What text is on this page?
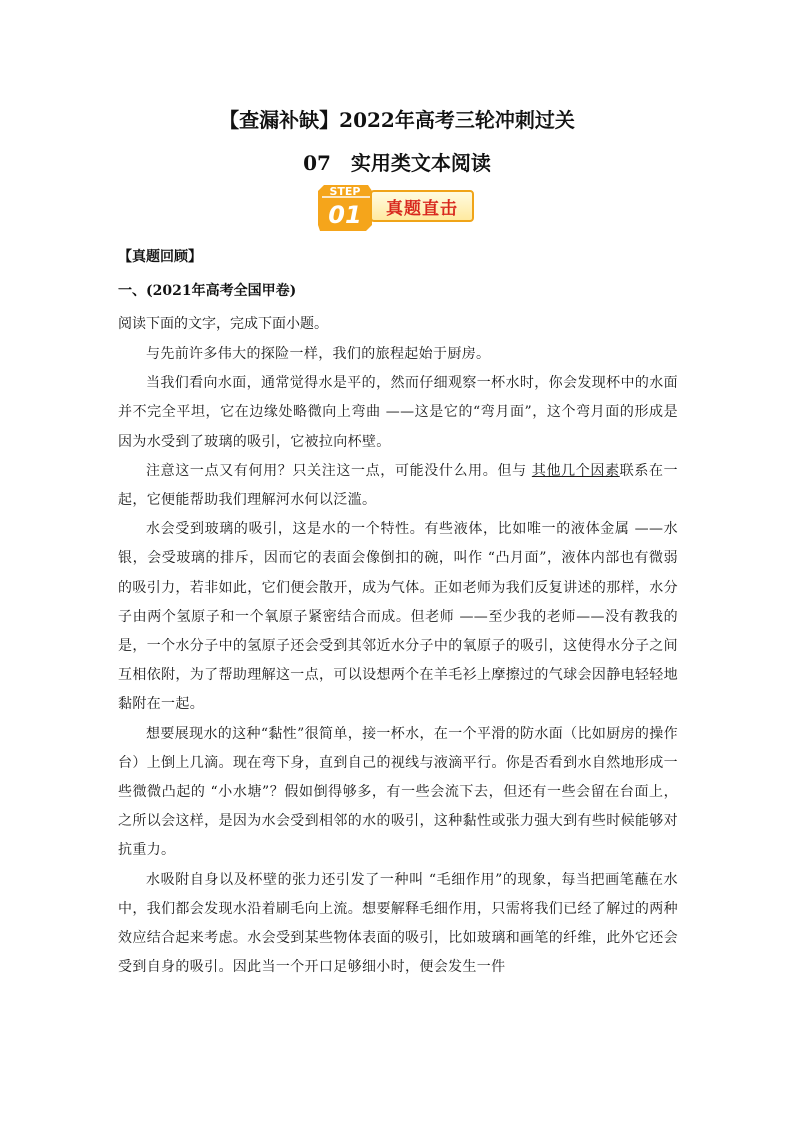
【查漏补缺】2022年高考三轮冲刺过关
07　实用类文本阅读
STEP
01	真题直击
【真题回顾】
一、(2021年高考全国甲卷)
阅读下面的文字，完成下面小题。

与先前许多伟大的探险一样，我们的旅程起始于厨房。

当我们看向水面，通常觉得水是平的，然而仔细观察一杯水时，你会发现杯中的水面并不完全平坦，它在边缘处略微向上弯曲 ——这是它的“弯月面”，这个弯月面的形成是因为水受到了玻璃的吸引，它被拉向杯壁。

注意这一点又有何用？只关注这一点，可能没什么用。但与 其他几个因素联系在一起，它便能帮助我们理解河水何以泛滥。

水会受到玻璃的吸引，这是水的一个特性。有些液体，比如唯一的液体金属 ——水银，会受玻璃的排斥，因而它的表面会像倒扣的碗，叫作 “凸月面”，液体内部也有微弱的吸引力，若非如此，它们便会散开，成为气体。正如老师为我们反复讲述的那样，水分子由两个氢原子和一个氧原子紧密结合而成。但老师 ——至少我的老师——没有教我的是，一个水分子中的氢原子还会受到其邻近水分子中的氧原子的吸引，这使得水分子之间互相依附，为了帮助理解这一点，可以设想两个在羊毛衫上摩擦过的气球会因静电轻轻地黏附在一起。

想要展现水的这种“黏性”很简单，接一杯水，在一个平滑的防水面（比如厨房的操作台）上倒上几滴。现在弯下身，直到自己的视线与液滴平行。你是否看到水自然地形成一些微微凸起的 “小水塘”？假如倒得够多，有一些会流下去，但还有一些会留在台面上，之所以会这样，是因为水会受到相邻的水的吸引，这种黏性或张力强大到有些时候能够对抗重力。

水吸附自身以及杯壁的张力还引发了一种叫 “毛细作用”的现象，每当把画笔蘸在水中，我们都会发现水沿着刷毛向上流。想要解释毛细作用，只需将我们已经了解过的两种效应结合起来考虑。水会受到某些物体表面的吸引，比如玻璃和画笔的纤维，此外它还会受到自身的吸引。因此当一个开口足够细小时，便会发生一件
